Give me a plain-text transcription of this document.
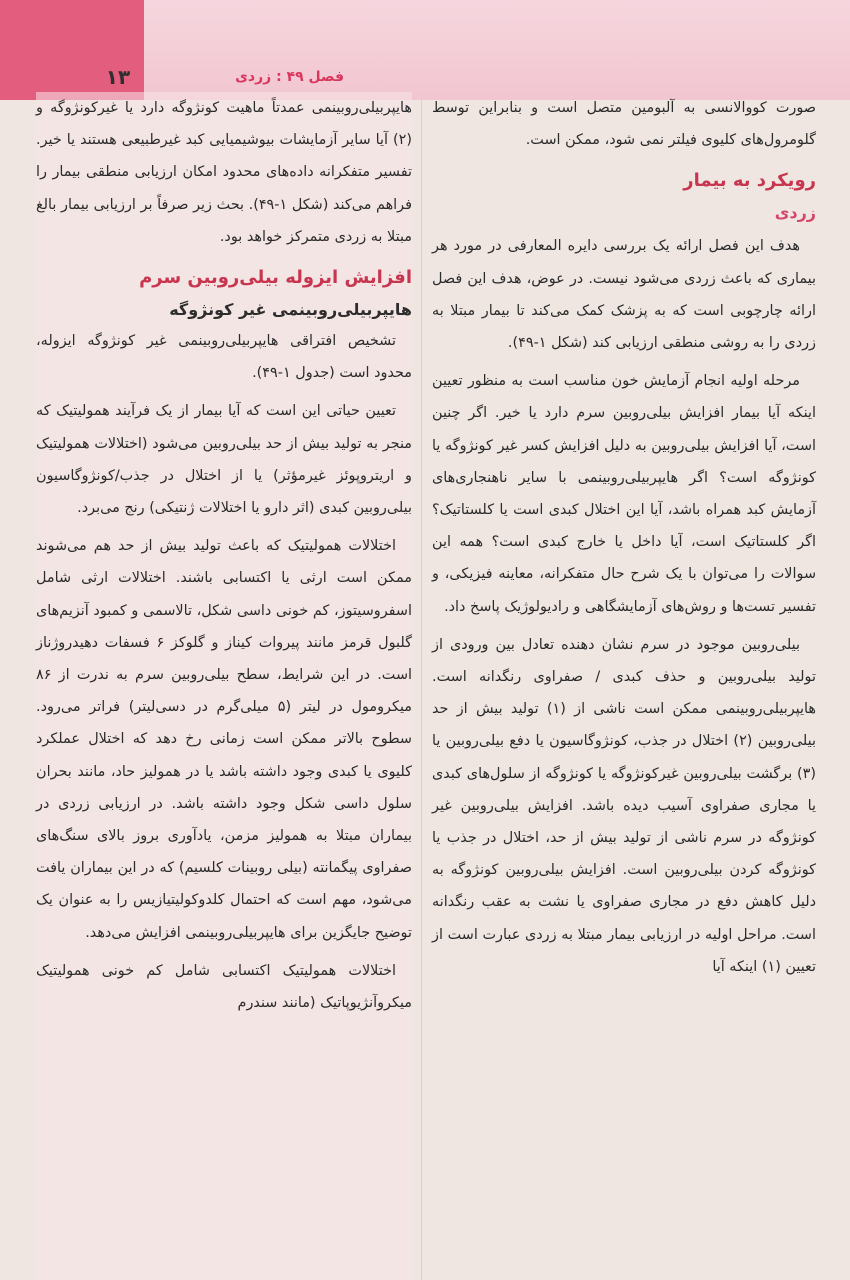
۱۳	فصل ۴۹ : زردی

صورت کووالانسی به آلبومین متصل است و بنابراین توسط گلومرول‌های کلیوی فیلتر نمی شود، ممکن است.

رویکرد به بیمار
زردی

هدف این فصل ارائه یک بررسی دایره المعارفی در مورد هر بیماری که باعث زردی می‌شود نیست. در عوض، هدف این فصل ارائه چارچوبی است که به پزشک کمک می‌کند تا بیمار مبتلا به زردی را به روشی منطقی ارزیابی کند (شکل ۱-۴۹).

مرحله اولیه انجام آزمایش خون مناسب است به منظور تعیین اینکه آیا بیمار افزایش بیلی‌روبین سرم دارد یا خیر. اگر چنین است، آیا افزایش بیلی‌روبین به دلیل افزایش کسر غیر کونژوگه یا کونژوگه است؟ اگر هایپربیلی‌روبینمی با سایر ناهنجاری‌های آزمایش کبد همراه باشد، آیا این اختلال کبدی است یا کلستاتیک؟ اگر کلستاتیک است، آیا داخل یا خارج کبدی است؟ همه این سوالات را می‌توان با یک شرح حال متفکرانه، معاینه فیزیکی، و تفسیر تست‌ها و روش‌های آزمایشگاهی و رادیولوژیک پاسخ داد.

بیلی‌روبین موجود در سرم نشان دهنده تعادل بین ورودی از تولید بیلی‌روبین و حذف کبدی / صفراوی رنگدانه است. هایپربیلی‌روبینمی ممکن است ناشی از (۱) تولید بیش از حد بیلی‌روبین (۲) اختلال در جذب، کونژوگاسیون یا دفع بیلی‌روبین یا (۳) برگشت بیلی‌روبین غیرکونژوگه یا کونژوگه از سلول‌های کبدی یا مجاری صفراوی آسیب دیده باشد. افزایش بیلی‌روبین غیر کونژوگه در سرم ناشی از تولید بیش از حد، اختلال در جذب یا کونژوگه کردن بیلی‌روبین است. افزایش بیلی‌روبین کونژوگه به دلیل کاهش دفع در مجاری صفراوی یا نشت به عقب رنگدانه است. مراحل اولیه در ارزیابی بیمار مبتلا به زردی عبارت است از تعیین (۱) اینکه آیا

هایپربیلی‌روبینمی عمدتاً ماهیت کونژوگه دارد یا غیرکونژوگه و (۲) آیا سایر آزمایشات بیوشیمیایی کبد غیرطبیعی هستند یا خیر. تفسیر متفکرانه داده‌های محدود امکان ارزیابی منطقی بیمار را فراهم می‌کند (شکل ۱-۴۹). بحث زیر صرفاً بر ارزیابی بیمار بالغ مبتلا به زردی متمرکز خواهد بود.

افزایش ایزوله بیلی‌روبین سرم
هایپربیلی‌روبینمی غیر کونژوگه

تشخیص افتراقی هایپربیلی‌روبینمی غیر کونژوگه ایزوله، محدود است (جدول ۱-۴۹).

تعیین حیاتی این است که آیا بیمار از یک فرآیند همولیتیک که منجر به تولید بیش از حد بیلی‌روبین می‌شود (اختلالات همولیتیک و اریتروپوئز غیرمؤثر) یا از اختلال در جذب/کونژوگاسیون بیلی‌روبین کبدی (اثر دارو یا اختلالات ژنتیکی) رنج می‌برد.

اختلالات همولیتیک که باعث تولید بیش از حد هم می‌شوند ممکن است ارثی یا اکتسابی باشند. اختلالات ارثی شامل اسفروسیتوز، کم خونی داسی شکل، تالاسمی و کمبود آنزیم‌های گلبول قرمز مانند پیروات کیناز و گلوکز ۶ فسفات دهیدروژناز است. در این شرایط، سطح بیلی‌روبین سرم به ندرت از ۸۶ میکرومول در لیتر (۵ میلی‌گرم در دسی‌لیتر) فراتر می‌رود. سطوح بالاتر ممکن است زمانی رخ دهد که اختلال عملکرد کلیوی یا کبدی وجود داشته باشد یا در همولیز حاد، مانند بحران سلول داسی شکل وجود داشته باشد. در ارزیابی زردی در بیماران مبتلا به همولیز مزمن، یادآوری بروز بالای سنگ‌های صفراوی پیگمانته (بیلی روبینات کلسیم) که در این بیماران یافت می‌شود، مهم است که احتمال کلدوکولیتیازیس را به عنوان یک توضیح جایگزین برای هایپربیلی‌روبینمی افزایش می‌دهد.

اختلالات همولیتیک اکتسابی شامل کم خونی همولیتیک میکروآنژیوپاتیک (مانند سندرم
